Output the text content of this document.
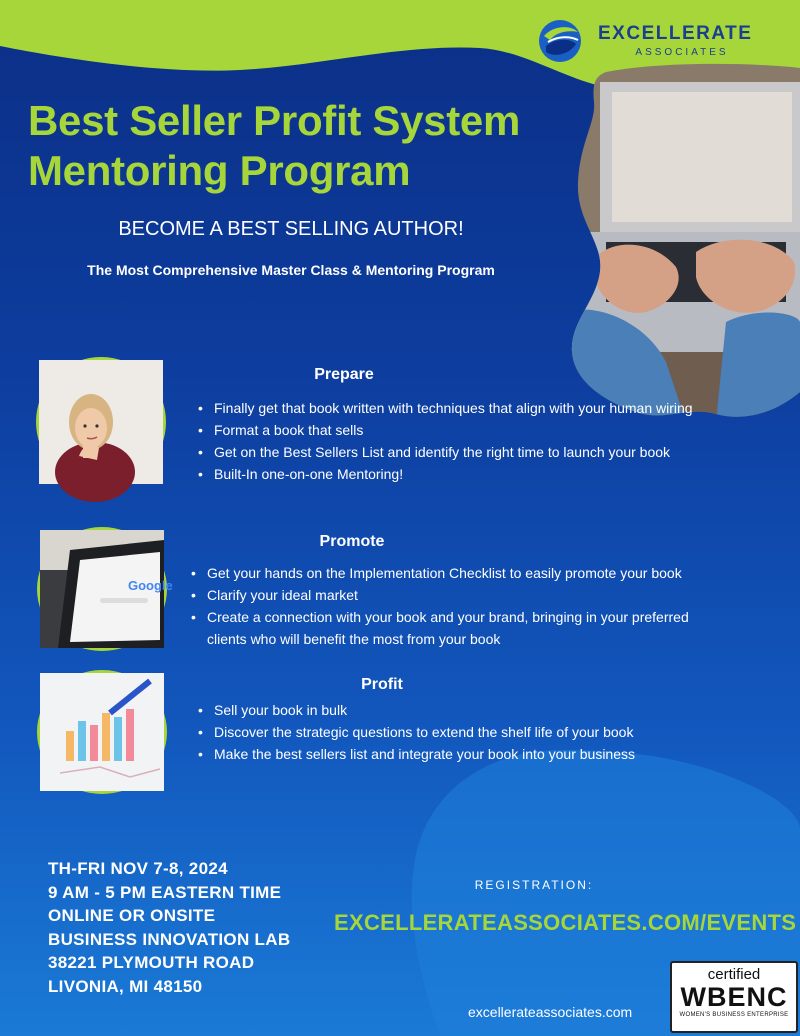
EXCELLERATE
ASSOCIATES
Best Seller Profit System
Mentoring Program
BECOME A BEST SELLING AUTHOR!
The Most Comprehensive Master Class & Mentoring Program
Prepare
• Finally get that book written with techniques that align with your human wiring
• Format a book that sells
• Get on the Best Sellers List and identify the right time to launch your book
• Built-In one-on-one Mentoring!
Google
Promote
• Get your hands on the Implementation Checklist to easily promote your book
• Clarify your ideal market
• Create a connection with your book and your brand, bringing in your preferred
clients who will benefit the most from your book
Profit
• Sell your book in bulk
• Discover the strategic questions to extend the shelf life of your book
• Make the best sellers list and integrate your book into your business
TH-FRI NOV 7-8, 2024
9 AM - 5 PM EASTERN TIME
ONLINE OR ONSITE
BUSINESS INNOVATION LAB
38221 PLYMOUTH ROAD
LIVONIA, MI 48150
REGISTRATION:
EXCELLERATEASSOCIATES.COM/EVENTS
excellerateassociates.com
certified
WBENC
WOMEN'S BUSINESS ENTERPRISE
